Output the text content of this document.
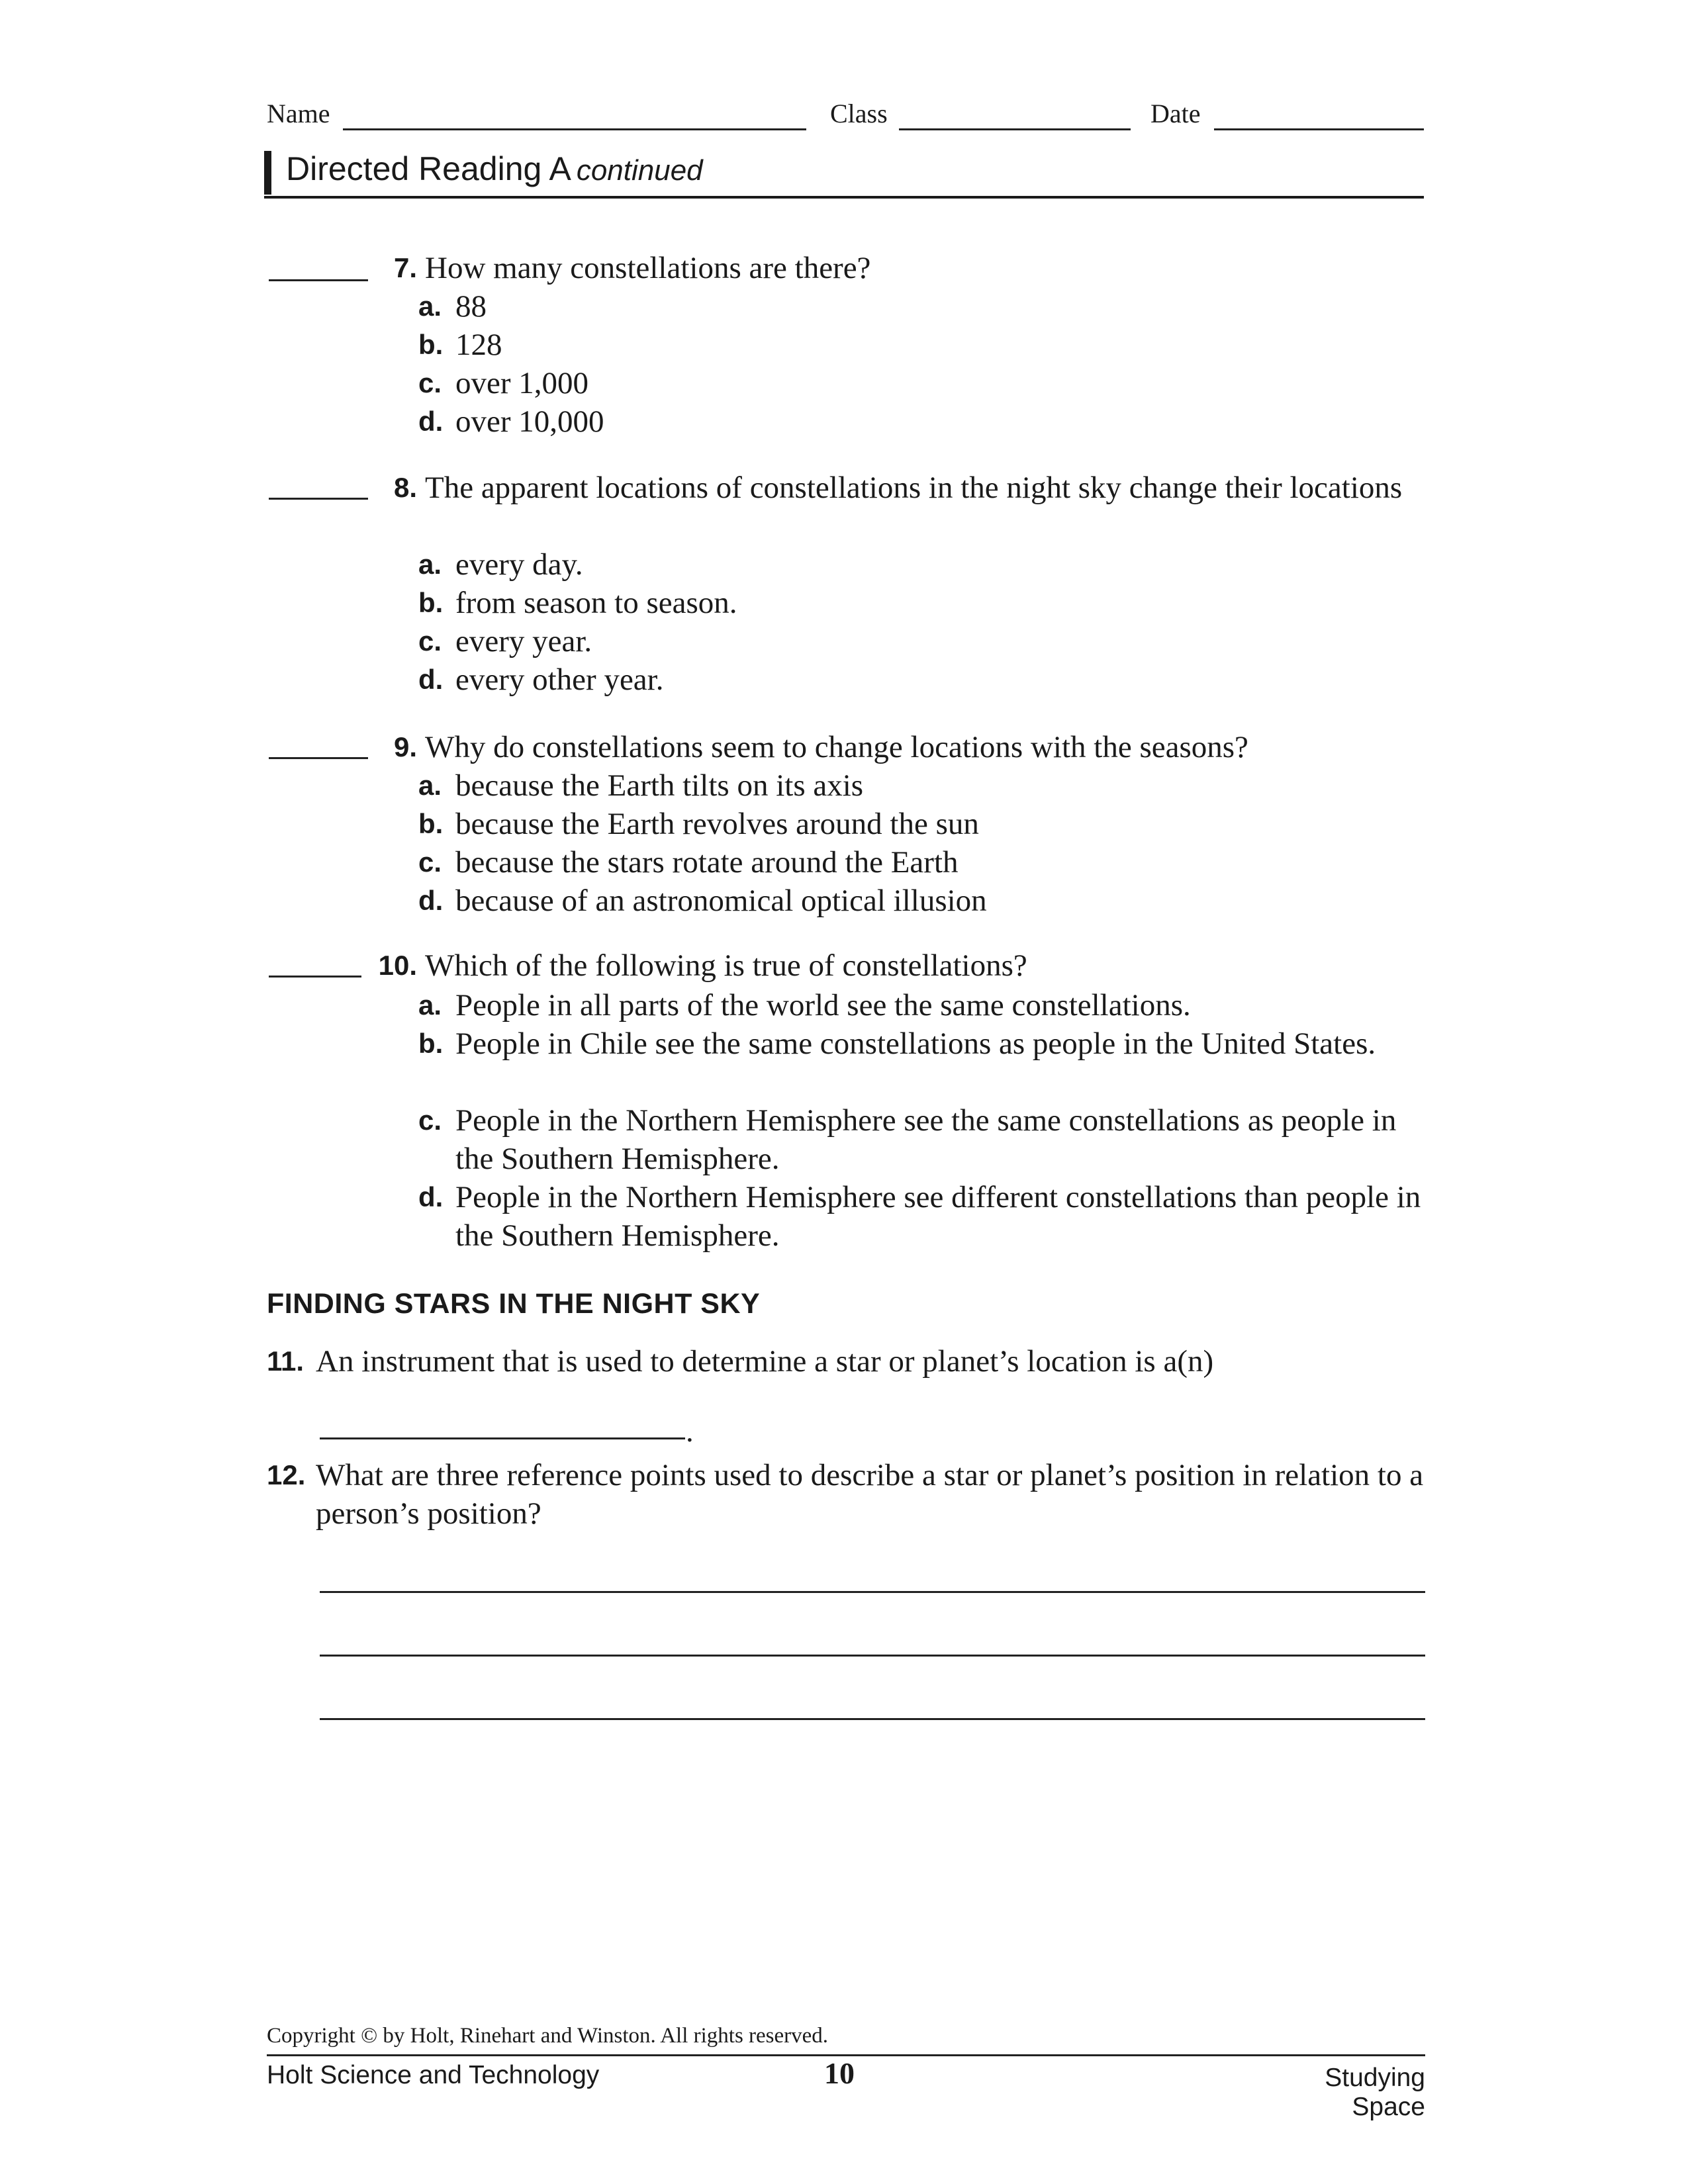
Name	Class	Date
Directed Reading A continued
7. How many constellations are there?
a. 88
b. 128
c. over 1,000
d. over 10,000
8. The apparent locations of constellations in the night sky change their locations
a. every day.
b. from season to season.
c. every year.
d. every other year.
9. Why do constellations seem to change locations with the seasons?
a. because the Earth tilts on its axis
b. because the Earth revolves around the sun
c. because the stars rotate around the Earth
d. because of an astronomical optical illusion
10. Which of the following is true of constellations?
a. People in all parts of the world see the same constellations.
b. People in Chile see the same constellations as people in the United States.
c. People in the Northern Hemisphere see the same constellations as people in the Southern Hemisphere.
d. People in the Northern Hemisphere see different constellations than people in the Southern Hemisphere.
FINDING STARS IN THE NIGHT SKY
11. An instrument that is used to determine a star or planet’s location is a(n)
.
12. What are three reference points used to describe a star or planet’s position in relation to a person’s position?
Copyright © by Holt, Rinehart and Winston. All rights reserved.
Holt Science and Technology	10	Studying Space
